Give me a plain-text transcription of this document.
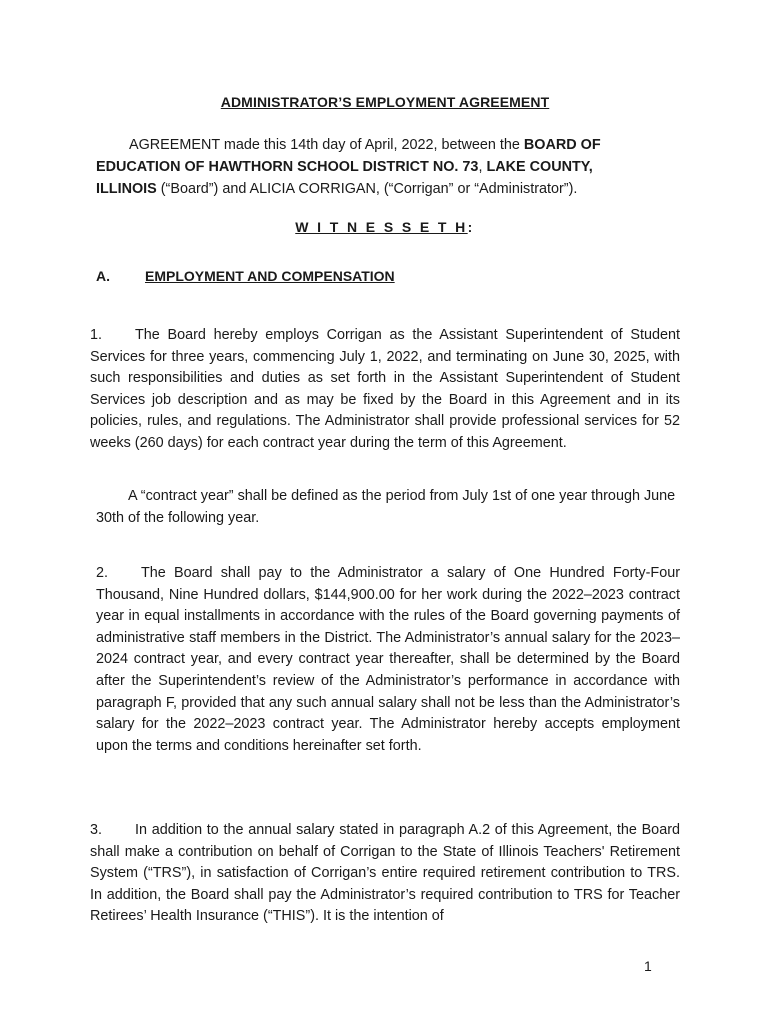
ADMINISTRATOR’S EMPLOYMENT AGREEMENT
AGREEMENT made this 14th day of April, 2022, between the BOARD OF EDUCATION OF HAWTHORN SCHOOL DISTRICT NO. 73, LAKE COUNTY, ILLINOIS (“Board”) and ALICIA CORRIGAN, (“Corrigan” or “Administrator”).
W I T N E S S E T H:
A.	EMPLOYMENT AND COMPENSATION
1. The Board hereby employs Corrigan as the Assistant Superintendent of Student Services for three years, commencing July 1, 2022, and terminating on June 30, 2025, with such responsibilities and duties as set forth in the Assistant Superintendent of Student Services job description and as may be fixed by the Board in this Agreement and in its policies, rules, and regulations. The Administrator shall provide professional services for 52 weeks (260 days) for each contract year during the term of this Agreement.
A “contract year” shall be defined as the period from July 1st of one year through June 30th of the following year.
2. The Board shall pay to the Administrator a salary of One Hundred Forty-Four Thousand, Nine Hundred dollars, $144,900.00 for her work during the 2022–2023 contract year in equal installments in accordance with the rules of the Board governing payments of administrative staff members in the District. The Administrator’s annual salary for the 2023–2024 contract year, and every contract year thereafter, shall be determined by the Board after the Superintendent’s review of the Administrator’s performance in accordance with paragraph F, provided that any such annual salary shall not be less than the Administrator’s salary for the 2022–2023 contract year. The Administrator hereby accepts employment upon the terms and conditions hereinafter set forth.
3. In addition to the annual salary stated in paragraph A.2 of this Agreement, the Board shall make a contribution on behalf of Corrigan to the State of Illinois Teachers' Retirement System (“TRS”), in satisfaction of Corrigan’s entire required retirement contribution to TRS. In addition, the Board shall pay the Administrator’s required contribution to TRS for Teacher Retirees’ Health Insurance (“THIS”). It is the intention of
1
